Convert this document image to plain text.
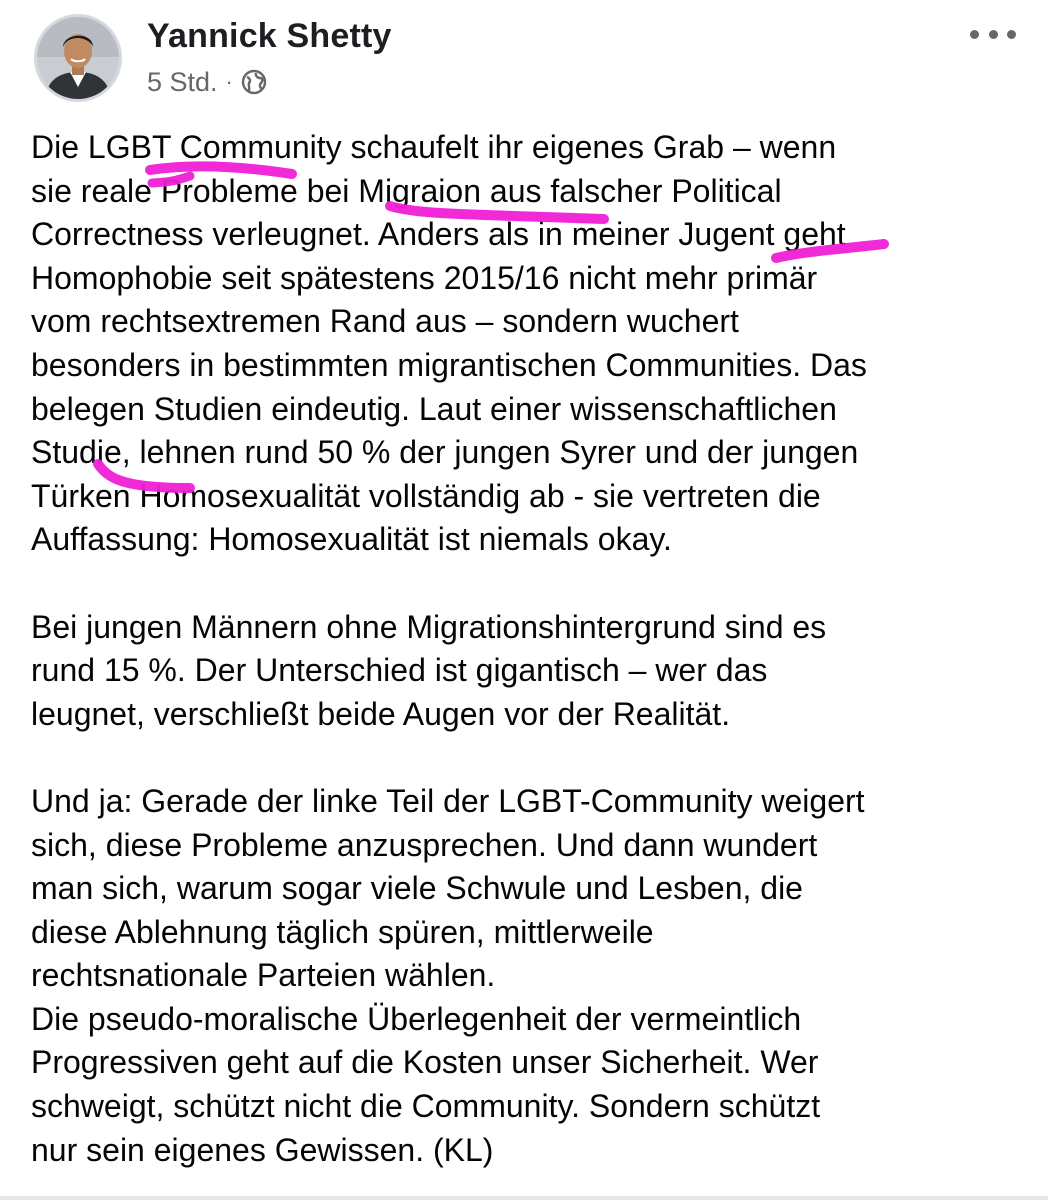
Yannick Shetty
5 Std. ·

Die LGBT Community schaufelt ihr eigenes Grab – wenn
sie reale Probleme bei Migraion aus falscher Political
Correctness verleugnet. Anders als in meiner Jugent geht
Homophobie seit spätestens 2015/16 nicht mehr primär
vom rechtsextremen Rand aus – sondern wuchert
besonders in bestimmten migrantischen Communities. Das
belegen Studien eindeutig. Laut einer wissenschaftlichen
Studie, lehnen rund 50 % der jungen Syrer und der jungen
Türken Homosexualität vollständig ab - sie vertreten die
Auffassung: Homosexualität ist niemals okay.

Bei jungen Männern ohne Migrationshintergrund sind es
rund 15 %. Der Unterschied ist gigantisch – wer das
leugnet, verschließt beide Augen vor der Realität.

Und ja: Gerade der linke Teil der LGBT-Community weigert
sich, diese Probleme anzusprechen. Und dann wundert
man sich, warum sogar viele Schwule und Lesben, die
diese Ablehnung täglich spüren, mittlerweile
rechtsnationale Parteien wählen.
Die pseudo-moralische Überlegenheit der vermeintlich
Progressiven geht auf die Kosten unser Sicherheit. Wer
schweigt, schützt nicht die Community. Sondern schützt
nur sein eigenes Gewissen. (KL)
